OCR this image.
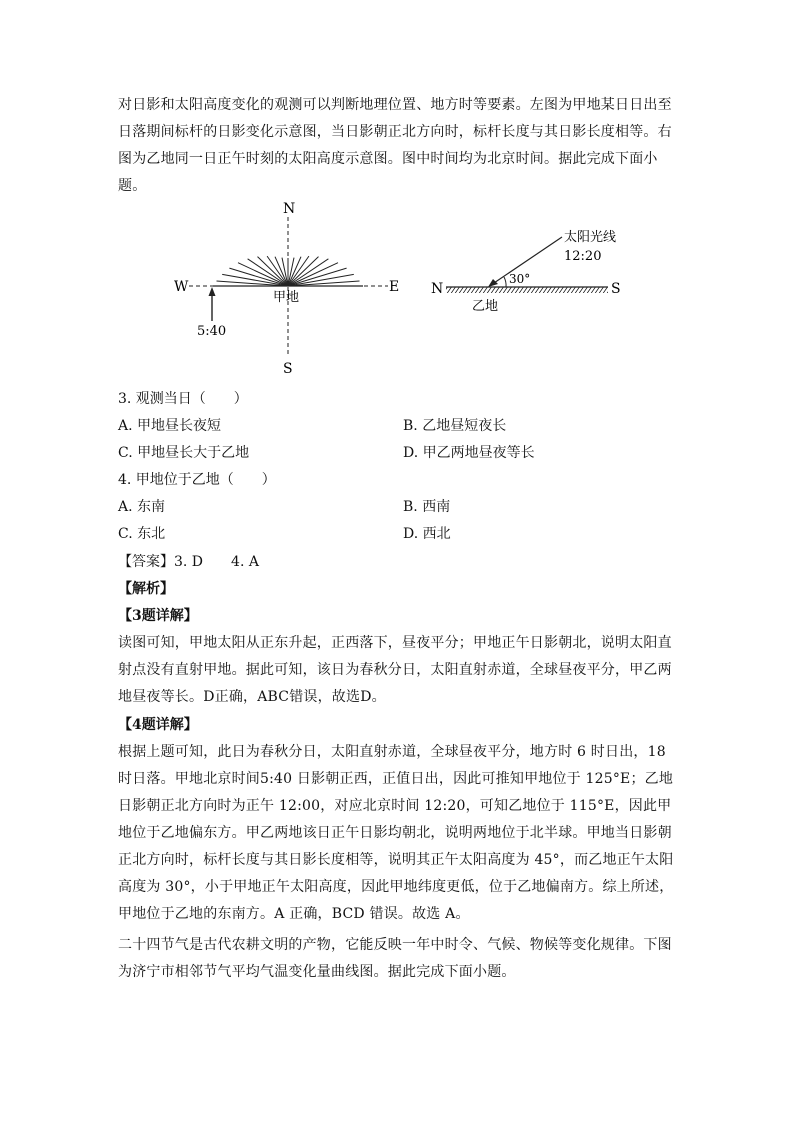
对日影和太阳高度变化的观测可以判断地理位置、地方时等要素。左图为甲地某日日出至日落期间标杆的日影变化示意图，当日影朝正北方向时，标杆长度与其日影长度相等。右图为乙地同一日正午时刻的太阳高度示意图。图中时间均为北京时间。据此完成下面小题。
N
S
W	E
甲地
5:40
N	S
乙地
太阳光线
12:20
30°
3. 观测当日（　　）
A. 甲地昼长夜短	B. 乙地昼短夜长
C. 甲地昼长大于乙地	D. 甲乙两地昼夜等长
4. 甲地位于乙地（　　）
A. 东南	B. 西南
C. 东北	D. 西北
【答案】3. D　　4. A
【解析】
【3题详解】
读图可知，甲地太阳从正东升起，正西落下，昼夜平分；甲地正午日影朝北，说明太阳直射点没有直射甲地。据此可知，该日为春秋分日，太阳直射赤道，全球昼夜平分，甲乙两地昼夜等长。D正确，ABC错误，故选D。
【4题详解】
根据上题可知，此日为春秋分日，太阳直射赤道，全球昼夜平分，地方时 6 时日出，18 时日落。甲地北京时间5:40 日影朝正西，正值日出，因此可推知甲地位于 125°E；乙地日影朝正北方向时为正午 12:00，对应北京时间 12:20，可知乙地位于 115°E，因此甲地位于乙地偏东方。甲乙两地该日正午日影均朝北，说明两地位于北半球。甲地当日影朝正北方向时，标杆长度与其日影长度相等，说明其正午太阳高度为 45°，而乙地正午太阳高度为 30°，小于甲地正午太阳高度，因此甲地纬度更低，位于乙地偏南方。综上所述，甲地位于乙地的东南方。A 正确，BCD 错误。故选 A。
二十四节气是古代农耕文明的产物，它能反映一年中时令、气候、物候等变化规律。下图为济宁市相邻节气平均气温变化量曲线图。据此完成下面小题。
